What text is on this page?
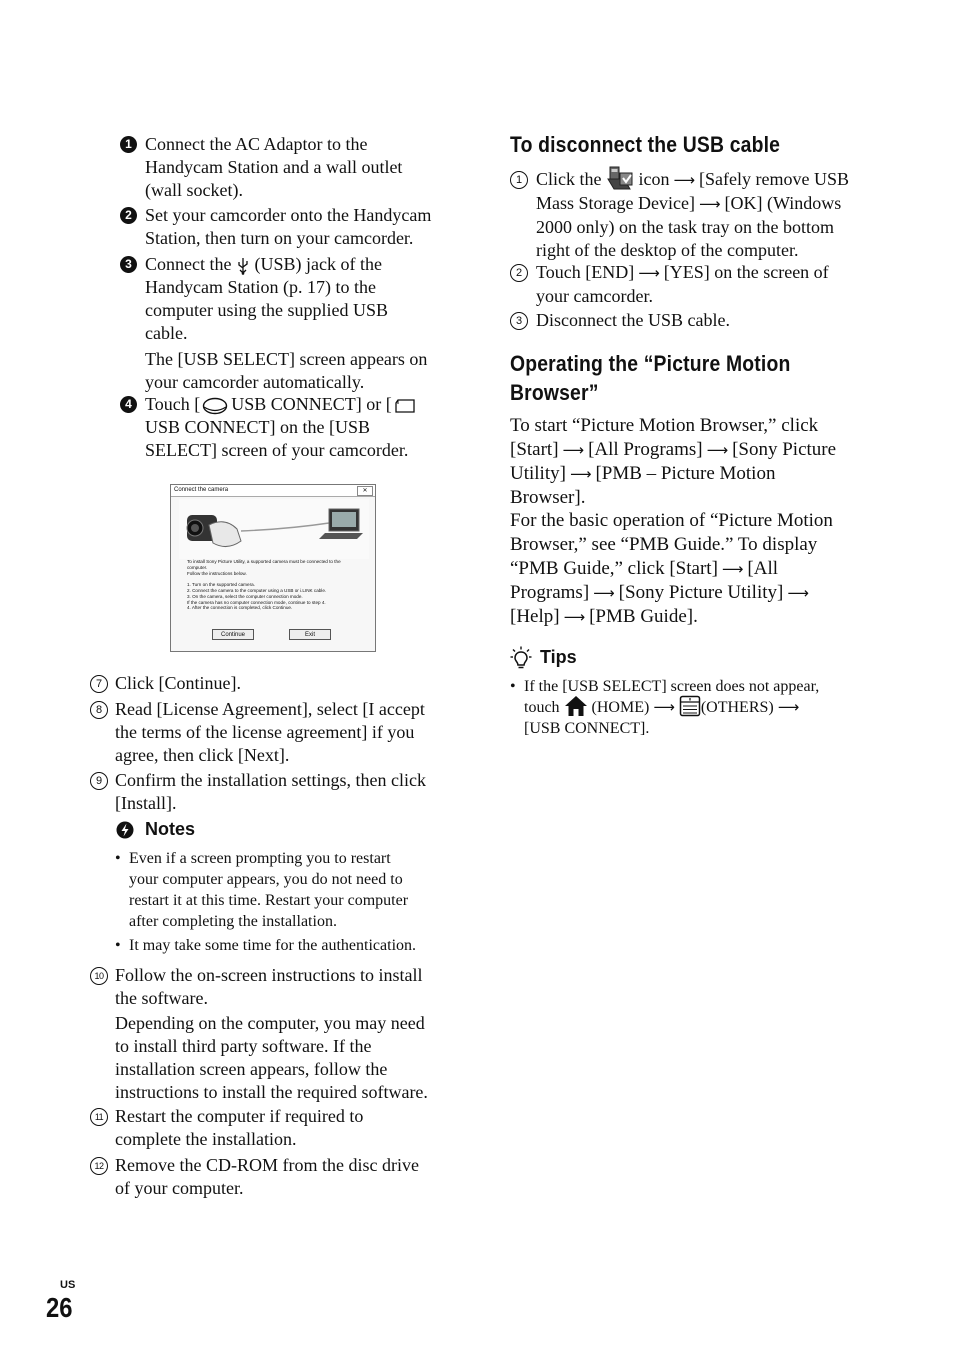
1 Connect the AC Adaptor to the
Handycam Station and a wall outlet
(wall socket).
2 Set your camcorder onto the Handycam
Station, then turn on your camcorder.
3 Connect the (USB) jack of the
Handycam Station (p. 17) to the
computer using the supplied USB
cable.
The [USB SELECT] screen appears on
your camcorder automatically.
4 Touch [ USB CONNECT] or [
USB CONNECT] on the [USB
SELECT] screen of your camcorder.
Connect the camera	✕
To install Sony Picture Utility, a supported camera must be connected to the
computer.
Follow the instructions below.
1. Turn on the supported camera.
2. Connect the camera to the computer using a USB or i.LINK cable.
3. On the camera, select the computer connection mode.
If the camera has no computer connection mode, continue to step 4.
4. After the connection is completed, click Continue.
Continue	Exit
7 Click [Continue].
8 Read [License Agreement], select [I accept
the terms of the license agreement] if you
agree, then click [Next].
9 Confirm the installation settings, then click
[Install].
Notes
• Even if a screen prompting you to restart
your computer appears, you do not need to
restart it at this time. Restart your computer
after completing the installation.
• It may take some time for the authentication.
10 Follow the on-screen instructions to install
the software.
Depending on the computer, you may need
to install third party software. If the
installation screen appears, follow the
instructions to install the required software.
11 Restart the computer if required to
complete the installation.
12 Remove the CD-ROM from the disc drive
of your computer.
To disconnect the USB cable
1 Click the icon ⟶ [Safely remove USB
Mass Storage Device] ⟶ [OK] (Windows
2000 only) on the task tray on the bottom
right of the desktop of the computer.
2 Touch [END] ⟶ [YES] on the screen of
your camcorder.
3 Disconnect the USB cable.
Operating the “Picture Motion
Browser”
To start “Picture Motion Browser,” click
[Start] ⟶ [All Programs] ⟶ [Sony Picture
Utility] ⟶ [PMB – Picture Motion
Browser].
For the basic operation of “Picture Motion
Browser,” see “PMB Guide.” To display
“PMB Guide,” click [Start] ⟶ [All
Programs] ⟶ [Sony Picture Utility] ⟶
[Help] ⟶ [PMB Guide].
Tips
• If the [USB SELECT] screen does not appear,
touch (HOME) ⟶ (OTHERS) ⟶
[USB CONNECT].
US
26
